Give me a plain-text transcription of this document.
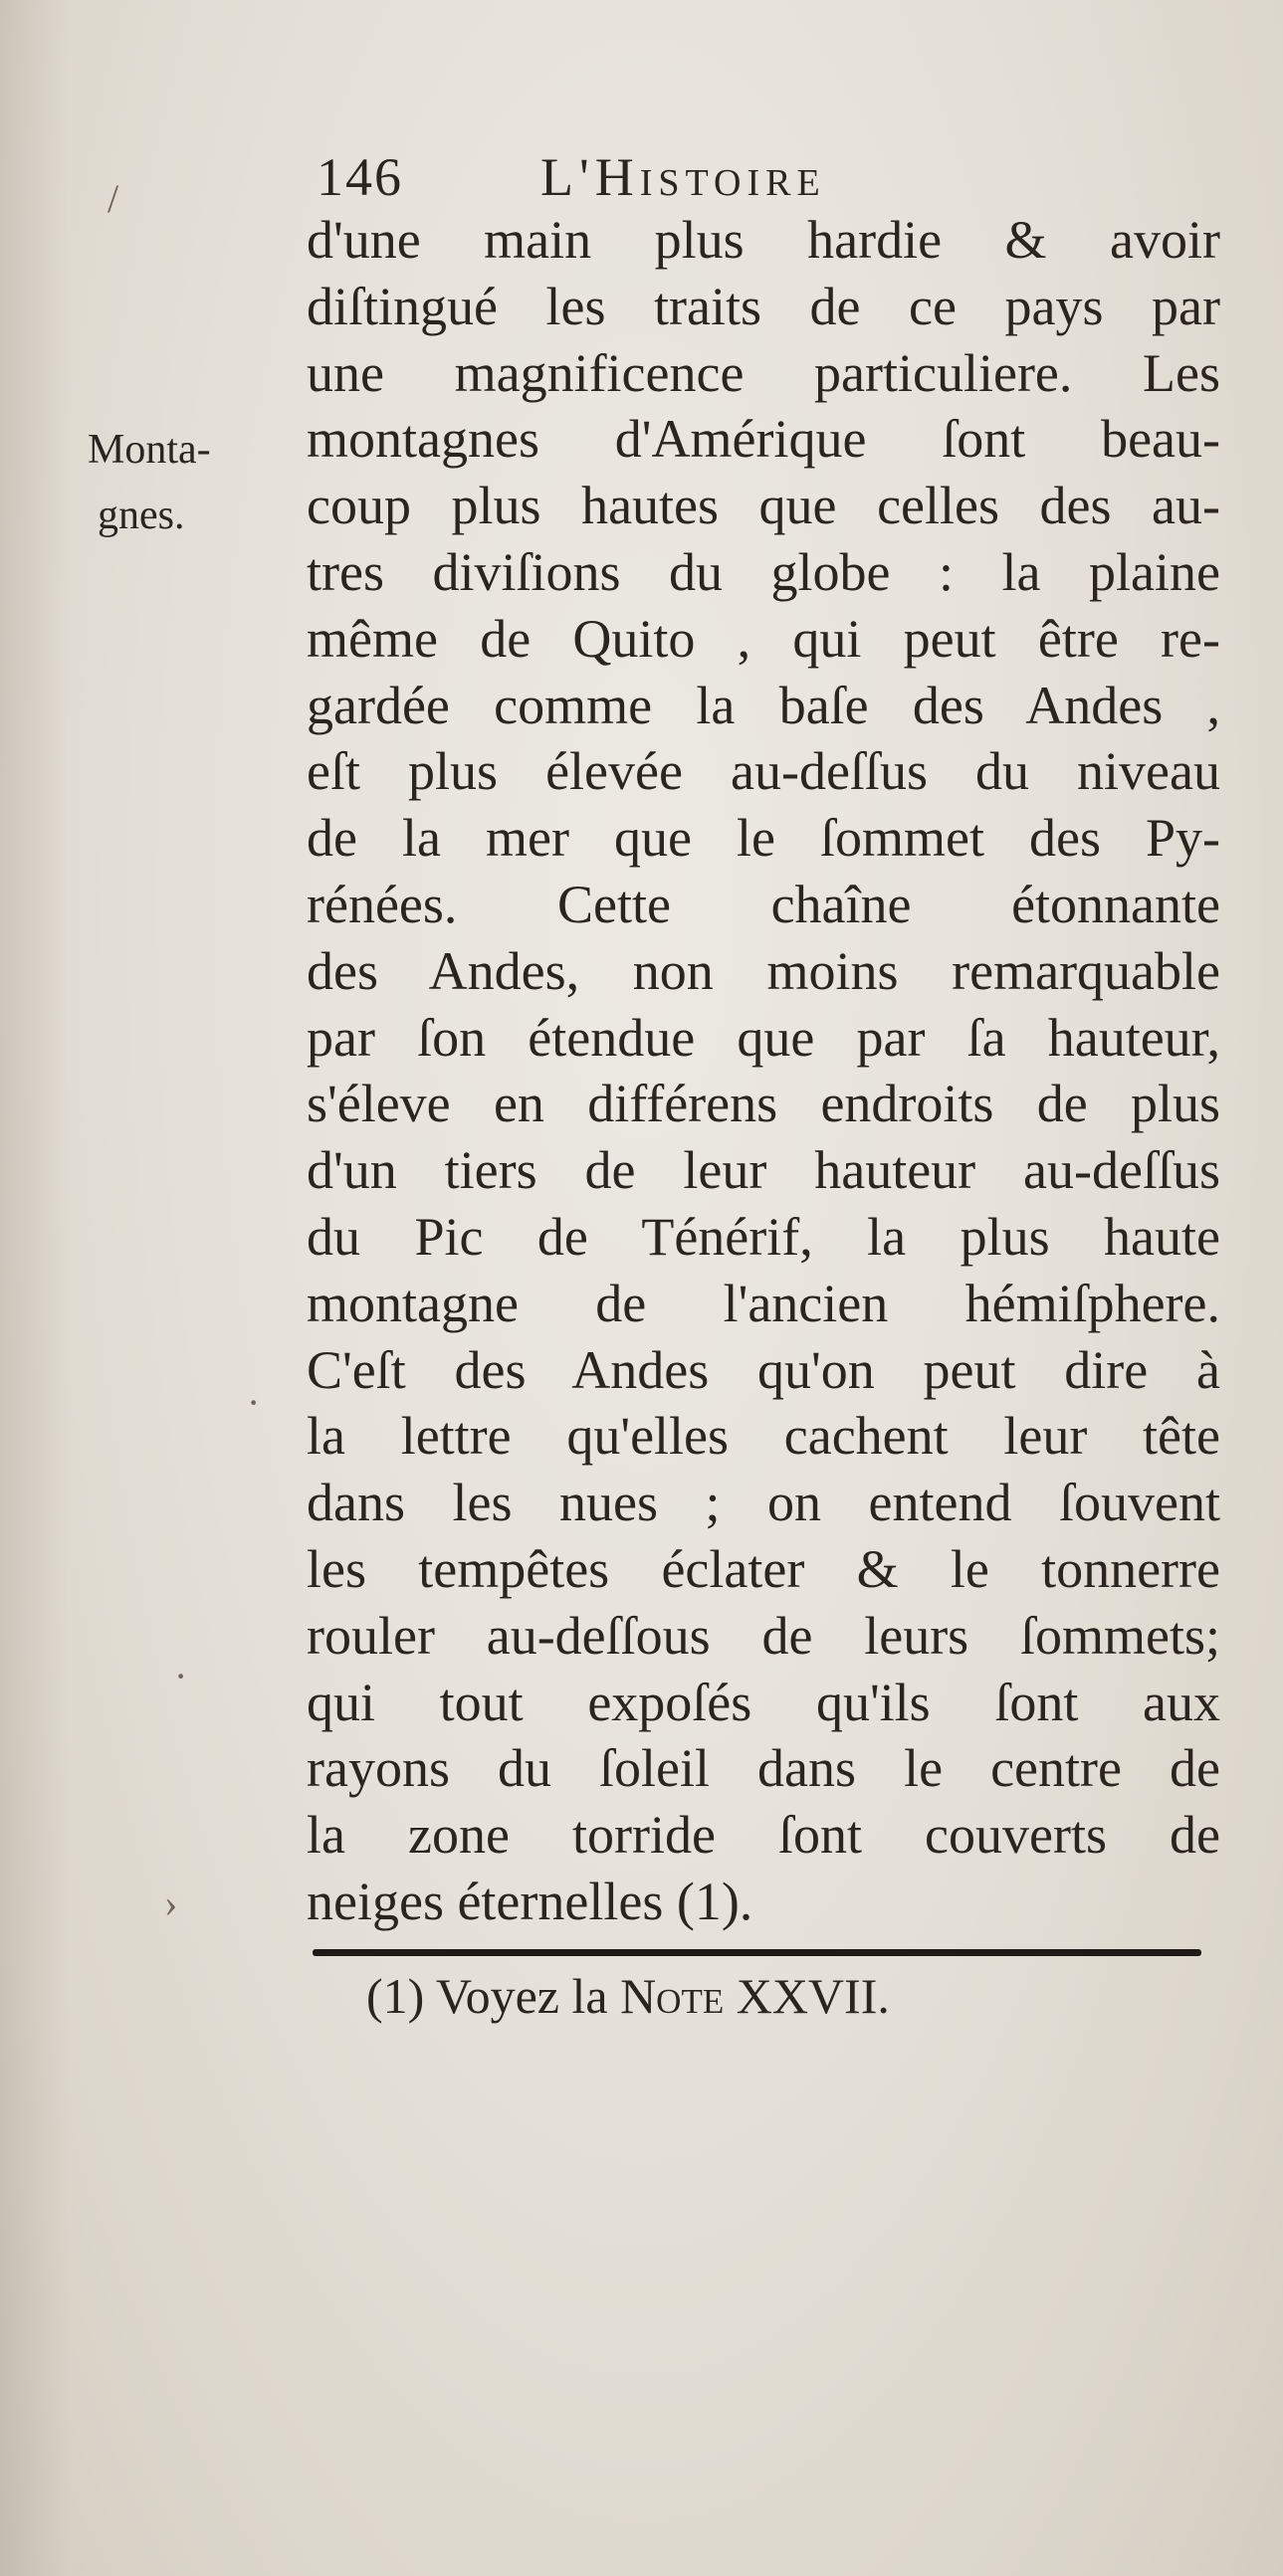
146	L'Histoire
Monta-
gnes.
d'une main plus hardie & avoir
diſtingué les traits de ce pays par
une magnificence particuliere. Les
montagnes d'Amérique ſont beau-
coup plus hautes que celles des au-
tres diviſions du globe : la plaine
même de Quito , qui peut être re-
gardée comme la baſe des Andes ,
eſt plus élevée au-deſſus du niveau
de la mer que le ſommet des Py-
rénées. Cette chaîne étonnante
des Andes, non moins remarquable
par ſon étendue que par ſa hauteur,
s'éleve en différens endroits de plus
d'un tiers de leur hauteur au-deſſus
du Pic de Ténérif, la plus haute
montagne de l'ancien hémiſphere.
C'eſt des Andes qu'on peut dire à
la lettre qu'elles cachent leur tête
dans les nues ; on entend ſouvent
les tempêtes éclater & le tonnerre
rouler au-deſſous de leurs ſommets;
qui tout expoſés qu'ils ſont aux
rayons du ſoleil dans le centre de
la zone torride ſont couverts de
neiges éternelles (1).
(1) Voyez la Note XXVII.
/
·
·
›
